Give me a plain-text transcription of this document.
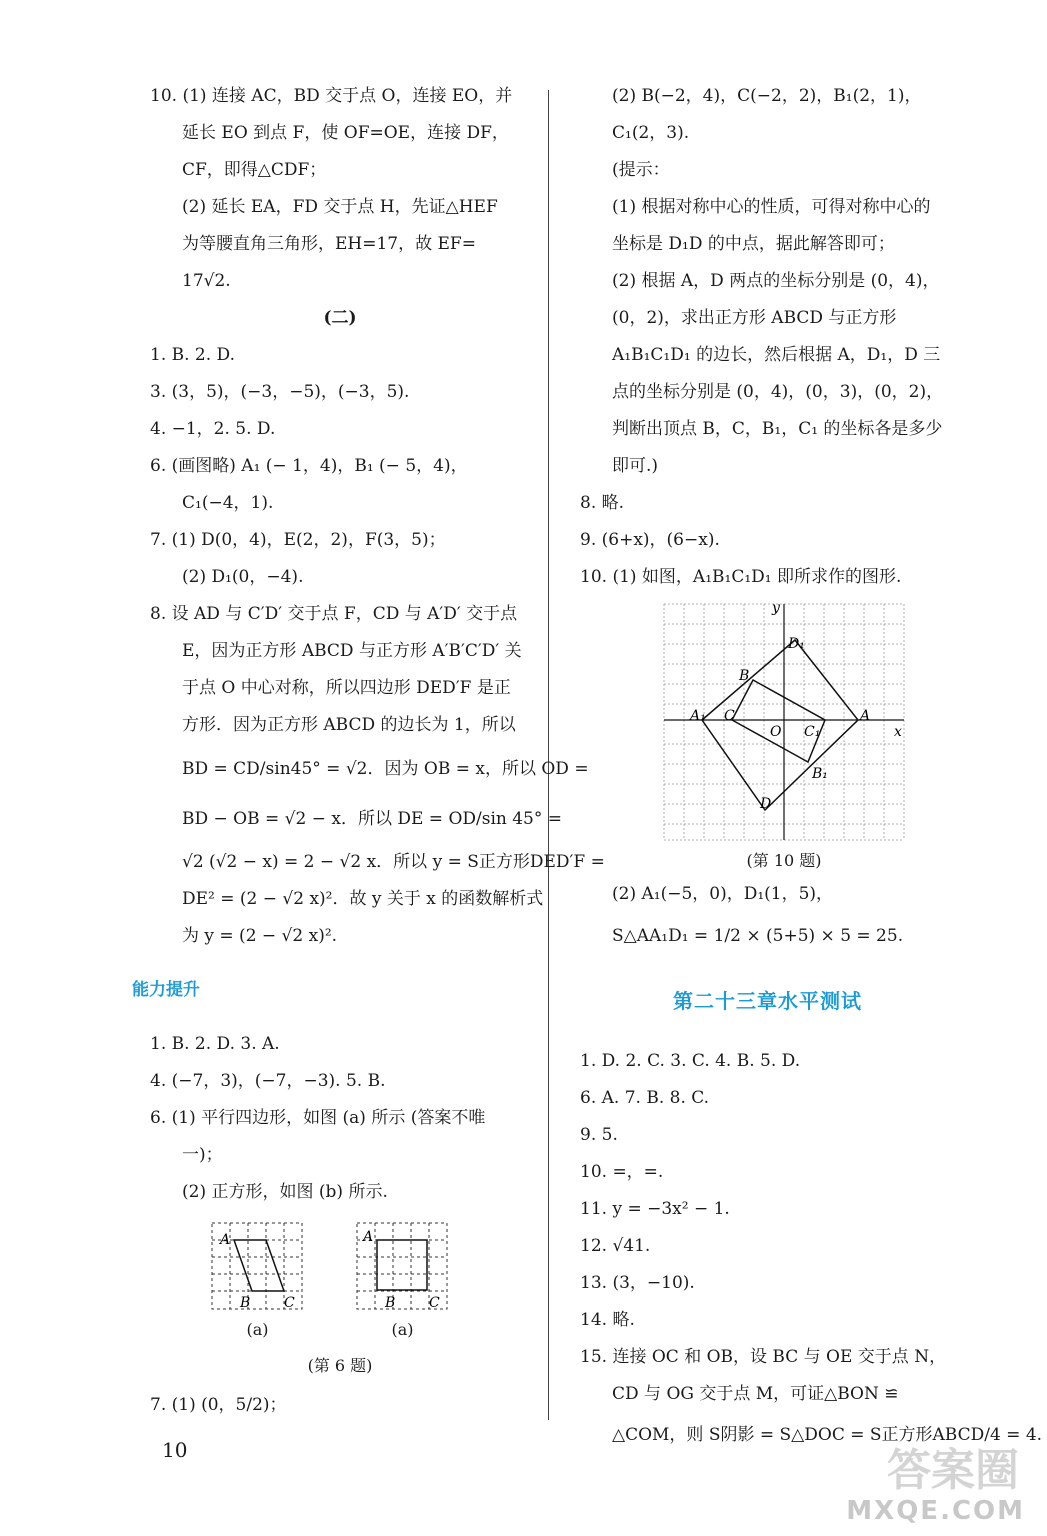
10. (1) 连接 AC，BD 交于点 O，连接 EO，并

延长 EO 到点 F，使 OF=OE，连接 DF，

CF，即得△CDF；

(2) 延长 EA，FD 交于点 H，先证△HEF

为等腰直角三角形，EH=17，故 EF=

17√2.

(二)

1. B. 2. D.

3. (3，5)，(−3，−5)，(−3，5).

4. −1，2. 5. D.

6. (画图略) A₁ (− 1，4)，B₁ (− 5，4)，

C₁(−4，1).

7. (1) D(0，4)，E(2，2)，F(3，5)；

(2) D₁(0，−4).

8. 设 AD 与 C′D′ 交于点 F，CD 与 A′D′ 交于点

E，因为正方形 ABCD 与正方形 A′B′C′D′ 关

于点 O 中心对称，所以四边形 DED′F 是正

方形．因为正方形 ABCD 的边长为 1，所以

BD = CD/sin45° = √2．因为 OB = x，所以 OD =

BD − OB = √2 − x．所以 DE = OD/sin 45° =

√2 (√2 − x) = 2 − √2 x．所以 y = S正方形DED′F =

DE² = (2 − √2 x)²．故 y 关于 x 的函数解析式

为 y = (2 − √2 x)².

能力提升

1. B. 2. D. 3. A.

4. (−7，3)，(−7，−3). 5. B.

6. (1) 平行四边形，如图 (a) 所示 (答案不唯

一)；

(2) 正方形，如图 (b) 所示.

A
B C
(a)
A
B C
(a)
(第 6 题)

7. (1) (0，5/2)；

(2) B(−2，4)，C(−2，2)，B₁(2，1)，

C₁(2，3).

(提示：

(1) 根据对称中心的性质，可得对称中心的

坐标是 D₁D 的中点，据此解答即可；

(2) 根据 A，D 两点的坐标分别是 (0，4)，

(0，2)，求出正方形 ABCD 与正方形

A₁B₁C₁D₁ 的边长，然后根据 A，D₁，D 三

点的坐标分别是 (0，4)，(0，3)，(0，2)，

判断出顶点 B，C，B₁，C₁ 的坐标各是多少

即可.)

8. 略.

9. (6+x)，(6−x).

10. (1) 如图，A₁B₁C₁D₁ 即所求作的图形.

y
x
D₁
B
A₁ C	A
O C₁
B₁
D
(第 10 题)

(2) A₁(−5，0)，D₁(1，5)，

S△AA₁D₁ = 1/2 × (5+5) × 5 = 25.

第二十三章水平测试

1. D. 2. C. 3. C. 4. B. 5. D.

6. A. 7. B. 8. C.

9. 5.

10. =，=.

11. y = −3x² − 1.

12. √41.

13. (3，−10).

14. 略.

15. 连接 OC 和 OB，设 BC 与 OE 交于点 N，

CD 与 OG 交于点 M，可证△BON ≌

△COM，则 S阴影 = S△DOC = S正方形ABCD/4 = 4.

10	答案圈
MXQE.COM
